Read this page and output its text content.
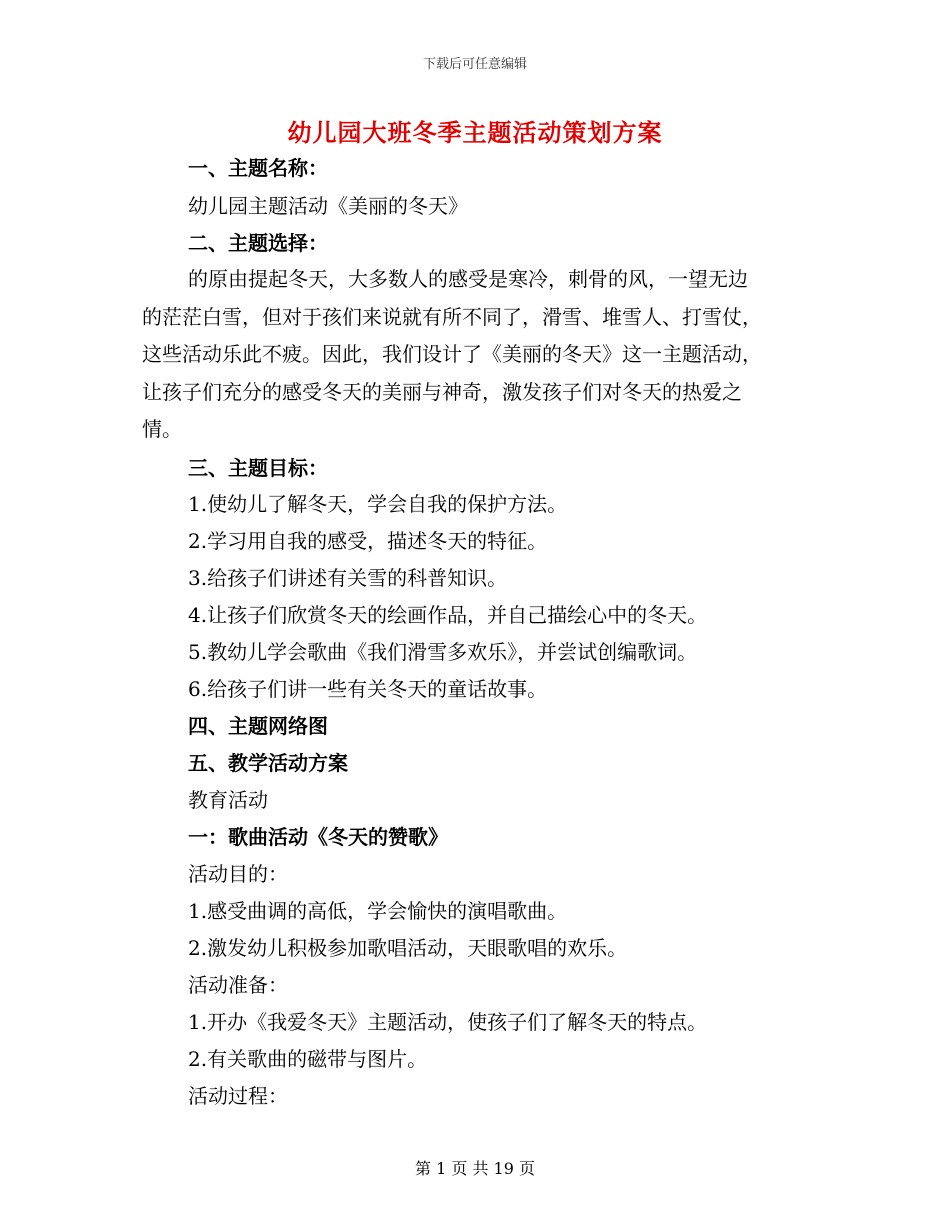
下载后可任意编辑
幼儿园大班冬季主题活动策划方案
一、主题名称：
幼儿园主题活动《美丽的冬天》
二、主题选择：
的原由提起冬天，大多数人的感受是寒冷，刺骨的风，一望无边
的茫茫白雪，但对于孩们来说就有所不同了，滑雪、堆雪人、打雪仗，
这些活动乐此不疲。因此，我们设计了《美丽的冬天》这一主题活动，
让孩子们充分的感受冬天的美丽与神奇，激发孩子们对冬天的热爱之
情。
三、主题目标：
1.使幼儿了解冬天，学会自我的保护方法。
2.学习用自我的感受，描述冬天的特征。
3.给孩子们讲述有关雪的科普知识。
4.让孩子们欣赏冬天的绘画作品，并自己描绘心中的冬天。
5.教幼儿学会歌曲《我们滑雪多欢乐》，并尝试创编歌词。
6.给孩子们讲一些有关冬天的童话故事。
四、主题网络图
五、教学活动方案
教育活动
一：歌曲活动《冬天的赞歌》
活动目的：
1.感受曲调的高低，学会愉快的演唱歌曲。
2.激发幼儿积极参加歌唱活动，天眼歌唱的欢乐。
活动准备：
1.开办《我爱冬天》主题活动，使孩子们了解冬天的特点。
2.有关歌曲的磁带与图片。
活动过程：
第 1 页 共 19 页
